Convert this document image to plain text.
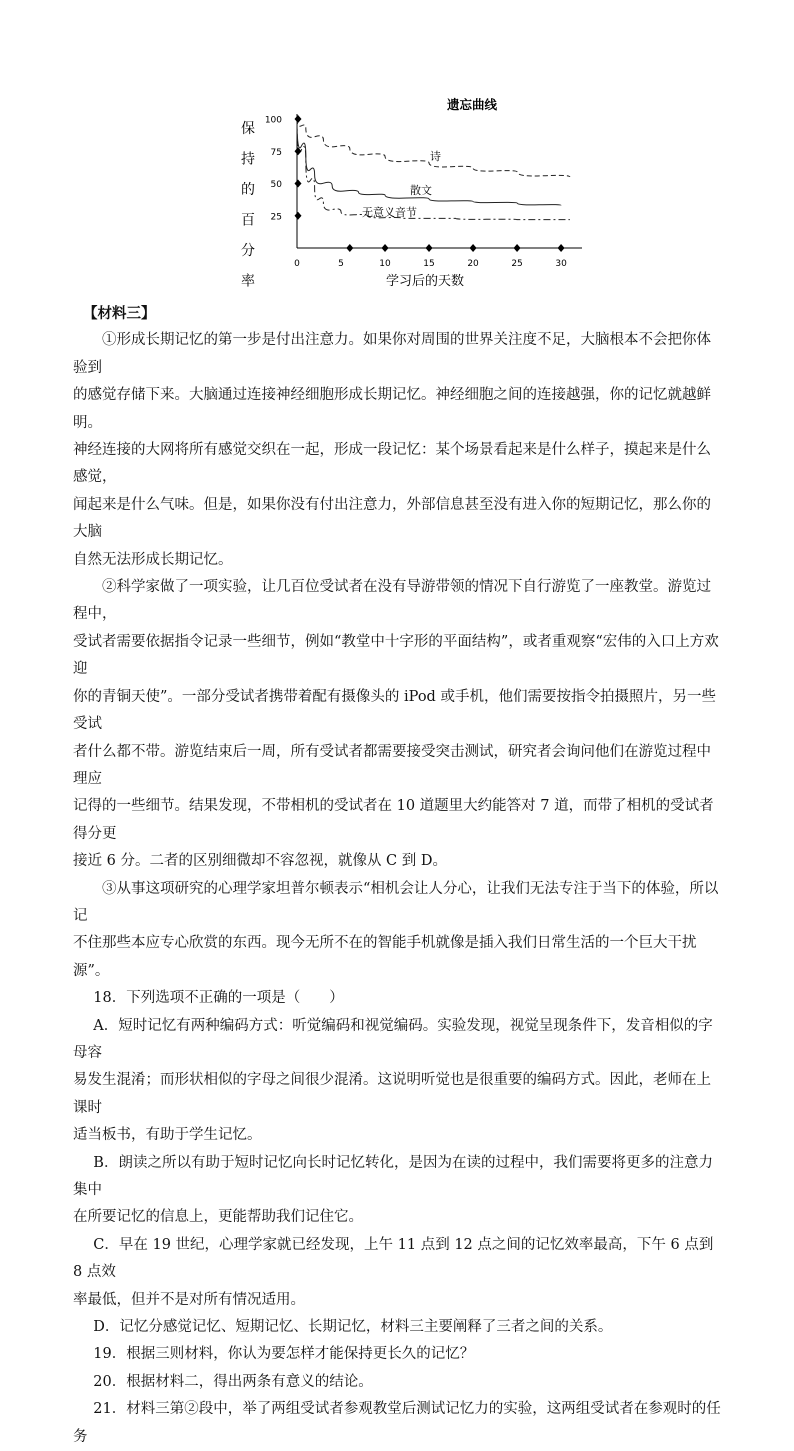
遗忘曲线
保
持
的
百
分
率
100
75
50
25
0	5	10	15	20	25	30
诗
散文
无意义音节
学习后的天数

【材料三】

①形成长期记忆的第一步是付出注意力。如果你对周围的世界关注度不足，大脑根本不会把你体验到

的感觉存储下来。大脑通过连接神经细胞形成长期记忆。神经细胞之间的连接越强，你的记忆就越鲜明。

神经连接的大网将所有感觉交织在一起，形成一段记忆：某个场景看起来是什么样子，摸起来是什么感觉，

闻起来是什么气味。但是，如果你没有付出注意力，外部信息甚至没有进入你的短期记忆，那么你的大脑

自然无法形成长期记忆。

②科学家做了一项实验，让几百位受试者在没有导游带领的情况下自行游览了一座教堂。游览过程中，

受试者需要依据指令记录一些细节，例如“教堂中十字形的平面结构”，或者重观察“宏伟的入口上方欢迎

你的青铜天使”。一部分受试者携带着配有摄像头的 iPod 或手机，他们需要按指令拍摄照片，另一些受试

者什么都不带。游览结束后一周，所有受试者都需要接受突击测试，研究者会询问他们在游览过程中理应

记得的一些细节。结果发现，不带相机的受试者在 10 道题里大约能答对 7 道，而带了相机的受试者得分更

接近 6 分。二者的区别细微却不容忽视，就像从 C 到 D。

③从事这项研究的心理学家坦普尔顿表示“相机会让人分心，让我们无法专注于当下的体验，所以记

不住那些本应专心欣赏的东西。现今无所不在的智能手机就像是插入我们日常生活的一个巨大干扰源”。

18．下列选项不正确的一项是（　　）

A．短时记忆有两种编码方式：听觉编码和视觉编码。实验发现，视觉呈现条件下，发音相似的字母容

易发生混淆；而形状相似的字母之间很少混淆。这说明听觉也是很重要的编码方式。因此，老师在上课时

适当板书，有助于学生记忆。

B．朗读之所以有助于短时记忆向长时记忆转化，是因为在读的过程中，我们需要将更多的注意力集中

在所要记忆的信息上，更能帮助我们记住它。

C．早在 19 世纪，心理学家就已经发现，上午 11 点到 12 点之间的记忆效率最高，下午 6 点到 8 点效

率最低，但并不是对所有情况适用。

D．记忆分感觉记忆、短期记忆、长期记忆，材料三主要阐释了三者之间的关系。

19．根据三则材料，你认为要怎样才能保持更长久的记忆？

20．根据材料二，得出两条有意义的结论。

21．材料三第②段中，举了两组受试者参观教堂后测试记忆力的实验，这两组受试者在参观时的任务
